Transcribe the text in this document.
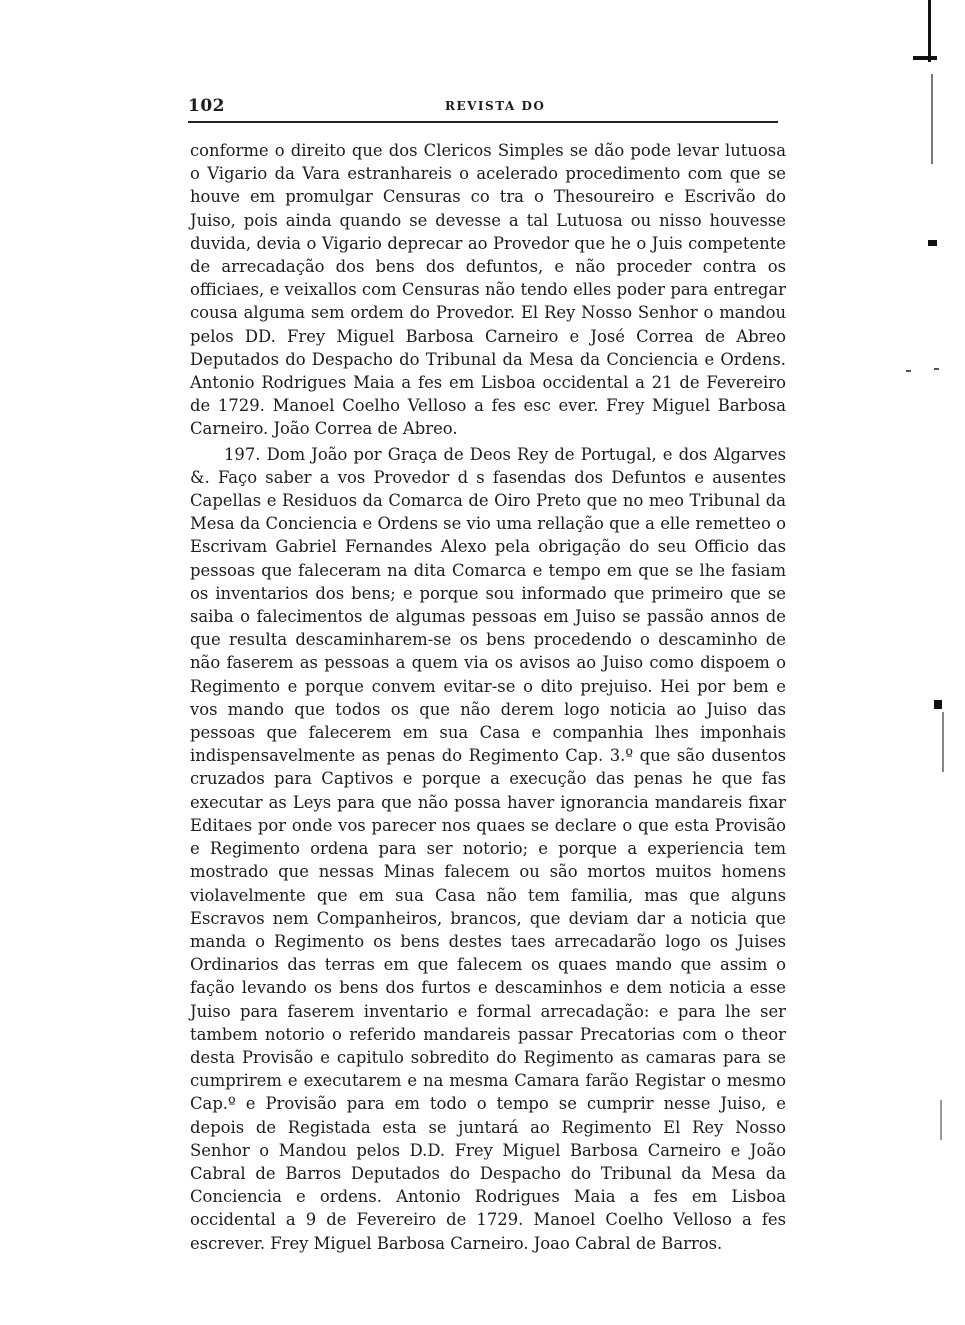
102	REVISTA DO

conforme o direito que dos Clericos Simples se dão pode levar lutuosa o Vigario da Vara estranhareis o acelerado procedimento com que se houve em promulgar Censuras co tra o Thesoureiro e Escrivão do Juiso, pois ainda quando se devesse a tal Lutuosa ou nisso houvesse duvida, devia o Vigario deprecar ao Provedor que he o Juis competente de arrecadação dos bens dos defuntos, e não proceder contra os officiaes, e veixallos com Censuras não tendo elles poder para entregar cousa alguma sem ordem do Provedor. El Rey Nosso Senhor o mandou pelos DD. Frey Miguel Barbosa Carneiro e José Correa de Abreo Deputados do Despacho do Tribunal da Mesa da Conciencia e Ordens. Antonio Rodrigues Maia a fes em Lisboa occidental a 21 de Fevereiro de 1729. Manoel Coelho Velloso a fes esc ever. Frey Miguel Barbosa Carneiro. João Correa de Abreo.

197. Dom João por Graça de Deos Rey de Portugal, e dos Algarves &. Faço saber a vos Provedor d s fasendas dos Defuntos e ausentes Capellas e Residuos da Comarca de Oiro Preto que no meo Tribunal da Mesa da Conciencia e Ordens se vio uma rellação que a elle remetteo o Escrivam Gabriel Fernandes Alexo pela obrigação do seu Officio das pessoas que faleceram na dita Comarca e tempo em que se lhe fasiam os inventarios dos bens; e porque sou informado que primeiro que se saiba o falecimentos de algumas pessoas em Juiso se passão annos de que resulta descaminharem-se os bens procedendo o descaminho de não faserem as pessoas a quem via os avisos ao Juiso como dispoem o Regimento e porque convem evitar-se o dito prejuiso. Hei por bem e vos mando que todos os que não derem logo noticia ao Juiso das pessoas que falecerem em sua Casa e companhia lhes imponhais indispensavelmente as penas do Regimento Cap. 3.º que são dusentos cruzados para Captivos e porque a execução das penas he que fas executar as Leys para que não possa haver ignorancia mandareis fixar Editaes por onde vos parecer nos quaes se declare o que esta Provisão e Regimento ordena para ser notorio; e porque a experiencia tem mostrado que nessas Minas falecem ou são mortos muitos homens violavelmente que em sua Casa não tem familia, mas que alguns Escravos nem Companheiros, brancos, que deviam dar a noticia que manda o Regimento os bens destes taes arrecadarão logo os Juises Ordinarios das terras em que falecem os quaes mando que assim o fação levando os bens dos furtos e descaminhos e dem noticia a esse Juiso para faserem inventario e formal arrecadação: e para lhe ser tambem notorio o referido mandareis passar Precatorias com o theor desta Provisão e capitulo sobredito do Regimento as camaras para se cumprirem e executarem e na mesma Camara farão Registar o mesmo Cap.º e Provisão para em todo o tempo se cumprir nesse Juiso, e depois de Registada esta se juntará ao Regimento El Rey Nosso Senhor o Mandou pelos D.D. Frey Miguel Barbosa Carneiro e João Cabral de Barros Deputados do Despacho do Tribunal da Mesa da Conciencia e ordens. Antonio Rodrigues Maia a fes em Lisboa occidental a 9 de Fevereiro de 1729. Manoel Coelho Velloso a fes escrever. Frey Miguel Barbosa Carneiro. Joao Cabral de Barros.
